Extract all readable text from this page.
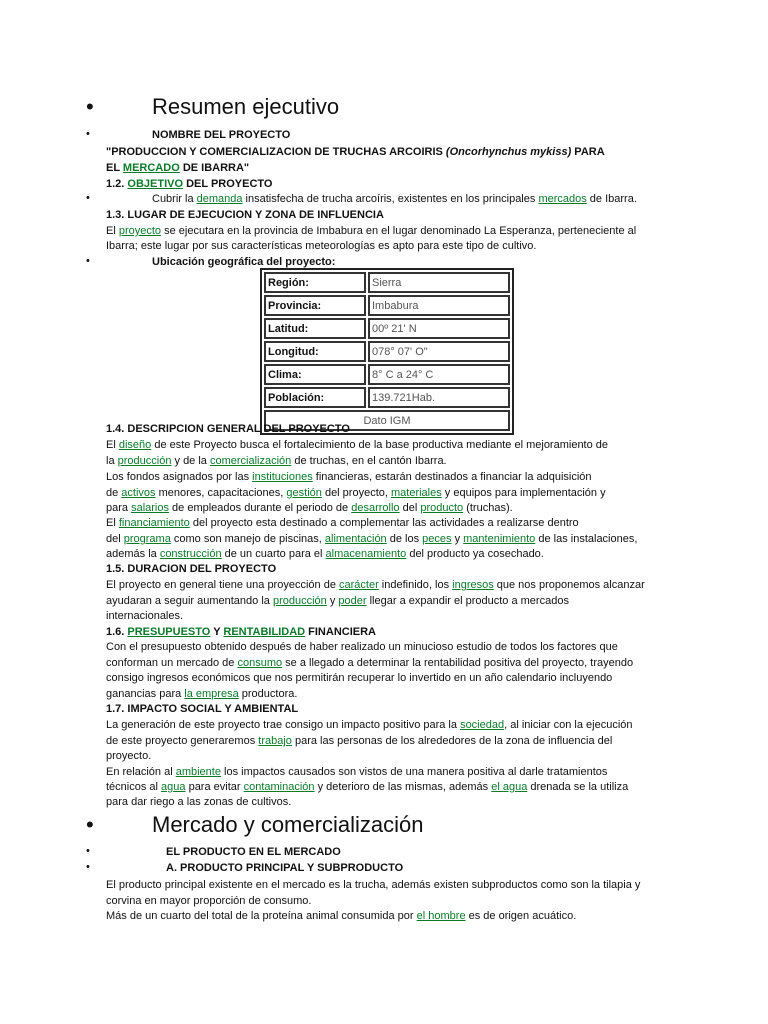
•	Resumen ejecutivo
•	NOMBRE DEL PROYECTO
"PRODUCCION Y COMERCIALIZACION DE TRUCHAS ARCOIRIS (Oncorhynchus mykiss) PARA
EL MERCADO DE IBARRA"
1.2. OBJETIVO DEL PROYECTO
•	Cubrir la demanda insatisfecha de trucha arcoíris, existentes en los principales mercados de Ibarra.
1.3. LUGAR DE EJECUCION Y ZONA DE INFLUENCIA
El proyecto se ejecutara en la provincia de Imbabura en el lugar denominado La Esperanza, perteneciente al
Ibarra; este lugar por sus características meteorologías es apto para este tipo de cultivo.
•	Ubicación geográfica del proyecto:
Región:	Sierra
Provincia:	Imbabura
Latitud:	00º 21' N
Longitud:	078° 07' O"
Clima:	8° C a 24° C
Población:	139.721Hab.
Dato IGM	
1.4. DESCRIPCION GENERAL DEL PROYECTO
El diseño de este Proyecto busca el fortalecimiento de la base productiva mediante el mejoramiento de
la producción y de la comercialización de truchas, en el cantón Ibarra.
Los fondos asignados por las instituciones financieras, estarán destinados a financiar la adquisición
de activos menores, capacitaciones, gestión del proyecto, materiales y equipos para implementación y
para salarios de empleados durante el periodo de desarrollo del producto (truchas).
El financiamiento del proyecto esta destinado a complementar las actividades a realizarse dentro
del programa como son manejo de piscinas, alimentación de los peces y mantenimiento de las instalaciones,
además la construcción de un cuarto para el almacenamiento del producto ya cosechado.
1.5. DURACION DEL PROYECTO
El proyecto en general tiene una proyección de carácter indefinido, los ingresos que nos proponemos alcanzar
ayudaran a seguir aumentando la producción y poder llegar a expandir el producto a mercados
internacionales.
1.6. PRESUPUESTO Y RENTABILIDAD FINANCIERA
Con el presupuesto obtenido después de haber realizado un minucioso estudio de todos los factores que
conforman un mercado de consumo se a llegado a determinar la rentabilidad positiva del proyecto, trayendo
consigo ingresos económicos que nos permitirán recuperar lo invertido en un año calendario incluyendo
ganancias para la empresa productora.
1.7. IMPACTO SOCIAL Y AMBIENTAL
La generación de este proyecto trae consigo un impacto positivo para la sociedad, al iniciar con la ejecución
de este proyecto generaremos trabajo para las personas de los alrededores de la zona de influencia del
proyecto.
En relación al ambiente los impactos causados son vistos de una manera positiva al darle tratamientos
técnicos al agua para evitar contaminación y deterioro de las mismas, además el agua drenada se la utiliza
para dar riego a las zonas de cultivos.
•	Mercado y comercialización
•	EL PRODUCTO EN EL MERCADO
•	A. PRODUCTO PRINCIPAL Y SUBPRODUCTO
El producto principal existente en el mercado es la trucha, además existen subproductos como son la tilapia y
corvina en mayor proporción de consumo.
Más de un cuarto del total de la proteína animal consumida por el hombre es de origen acuático.
